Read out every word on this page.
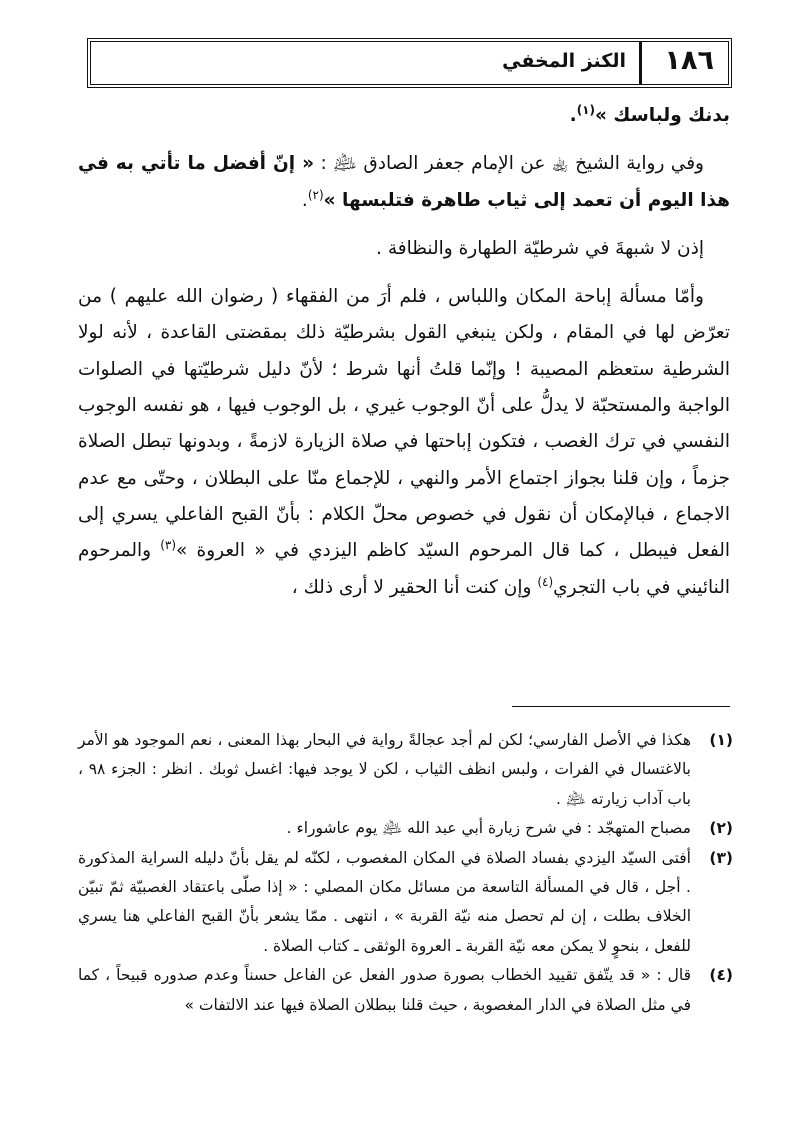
١٨٦
الكنز المخفي

بدنك ولباسك »$^{(١)}$.

وفي رواية الشيخ ﵀ عن الإمام جعفر الصادق ﵇ : « إنّ أفضل ما تأتي به في هذا اليوم أن تعمد إلى ثياب طاهرة فتلبسها »$^{(٢)}$.

إذن لا شبهةَ في شرطيّة الطهارة والنظافة .

وأمّا مسألة إباحة المكان واللباس ، فلم أرَ من الفقهاء ( رضوان الله عليهم ) من تعرّض لها في المقام ، ولكن ينبغي القول بشرطيّة ذلك بمقضتى القاعدة ، لأنه لولا الشرطية ستعظم المصيبة ! وإنّما قلتُ أنها شرط ؛ لأنّ دليل شرطيّتها في الصلوات الواجبة والمستحبّة لا يدلُّ على أنّ الوجوب غيري ، بل الوجوب فيها ، هو نفسه الوجوب النفسي في ترك الغصب ، فتكون إباحتها في صلاة الزيارة لازمةً ، وبدونها تبطل الصلاة جزماً ، وإن قلنا بجواز اجتماع الأمر والنهي ، للإجماع منّا على البطلان ، وحتّى مع عدم الاجماع ، فبالإمكان أن نقول في خصوص محلّ الكلام : بأنّ القبح الفاعلي يسري إلى الفعل فيبطل ، كما قال المرحوم السيّد كاظم اليزدي في « العروة »$^{(٣)}$ والمرحوم النائيني في باب التجري$^{(٤)}$ وإن كنت أنا الحقير لا أرى ذلك ،

(١)
هكذا في الأصل الفارسي؛ لكن لم أجد عجالةً رواية في البحار بهذا المعنى ، نعم الموجود هو الأمر بالاغتسال في الفرات ، ولبس انظف الثياب ، لكن لا يوجد فيها: اغسل ثوبك . انظر : الجزء ٩٨ ، باب آداب زيارته ﵇ .
(٢)
مصباح المتهجّد : في شرح زيارة أبي عبد الله ﵇ يوم عاشوراء .
(٣)
أفتى السيّد اليزدي بفساد الصلاة في المكان المغصوب ، لكنّه لم يقل بأنّ دليله السراية المذكورة . أجل ، قال في المسألة التاسعة من مسائل مكان المصلي : « إذا صلّى باعتقاد الغصبيّة ثمّ تبيّن الخلاف بطلت ، إن لم تحصل منه نيّة القربة » ، انتهى . ممّا يشعر بأنّ القبح الفاعلي هنا يسري للفعل ، بنحوٍ لا يمكن معه نيّة القربة ـ العروة الوثقى ـ كتاب الصلاة .
(٤)
قال : « قد يتّفق تقييد الخطاب بصورة صدور الفعل عن الفاعل حسناً وعدم صدوره قبيحاً ، كما في مثل الصلاة في الدار المغصوبة ، حيث قلنا ببطلان الصلاة فيها عند الالتفات »
